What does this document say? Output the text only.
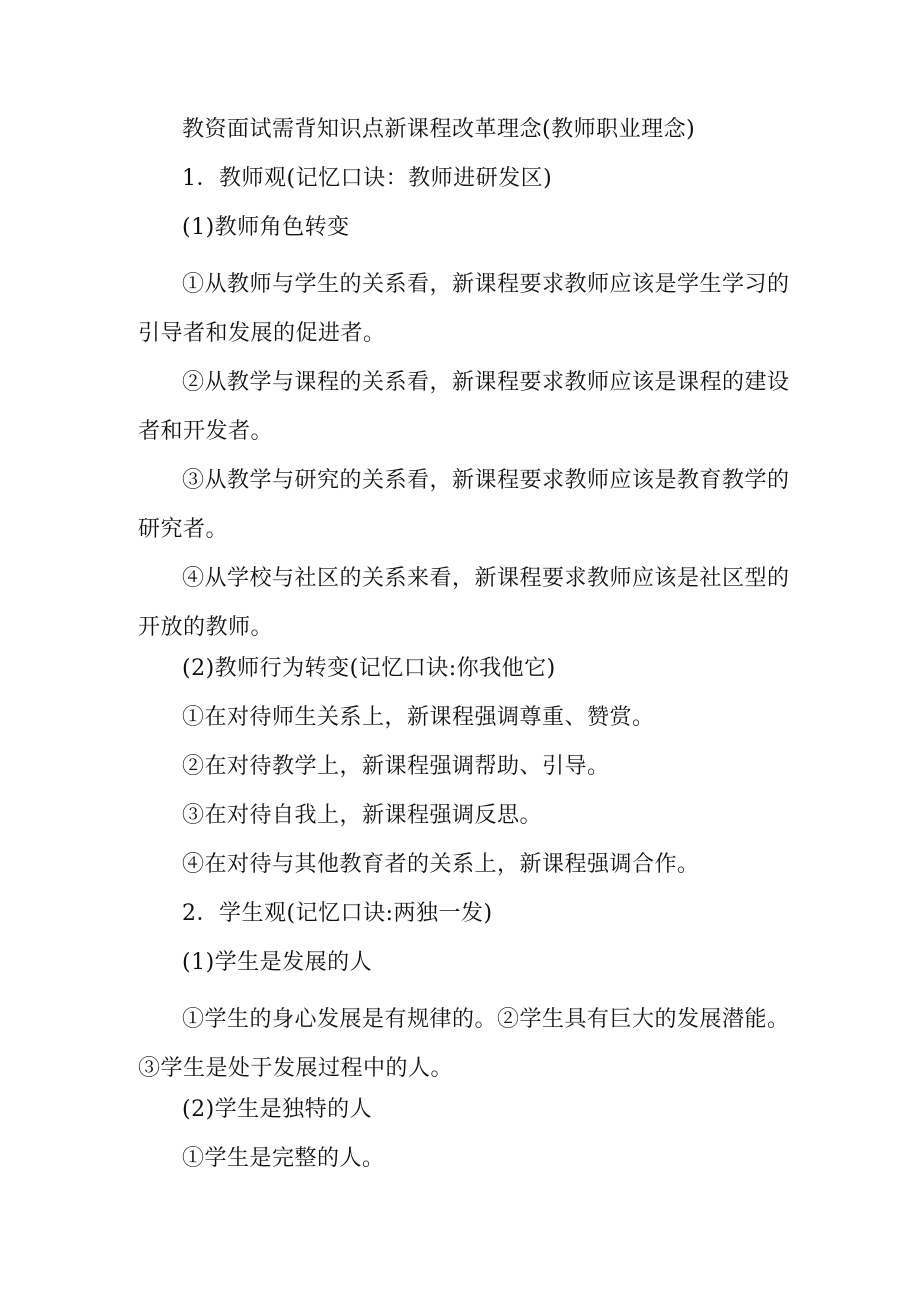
教资面试需背知识点新课程改革理念(教师职业理念)

1．教师观(记忆口诀：教师进研发区)

(1)教师角色转变

①从教师与学生的关系看，新课程要求教师应该是学生学习的引导者和发展的促进者。

②从教学与课程的关系看，新课程要求教师应该是课程的建设者和开发者。

③从教学与研究的关系看，新课程要求教师应该是教育教学的研究者。

④从学校与社区的关系来看，新课程要求教师应该是社区型的开放的教师。

(2)教师行为转变(记忆口诀:你我他它)

①在对待师生关系上，新课程强调尊重、赞赏。

②在对待教学上，新课程强调帮助、引导。

③在对待自我上，新课程强调反思。

④在对待与其他教育者的关系上，新课程强调合作。

2．学生观(记忆口诀:两独一发)

(1)学生是发展的人

①学生的身心发展是有规律的。②学生具有巨大的发展潜能。③学生是处于发展过程中的人。

(2)学生是独特的人

①学生是完整的人。
